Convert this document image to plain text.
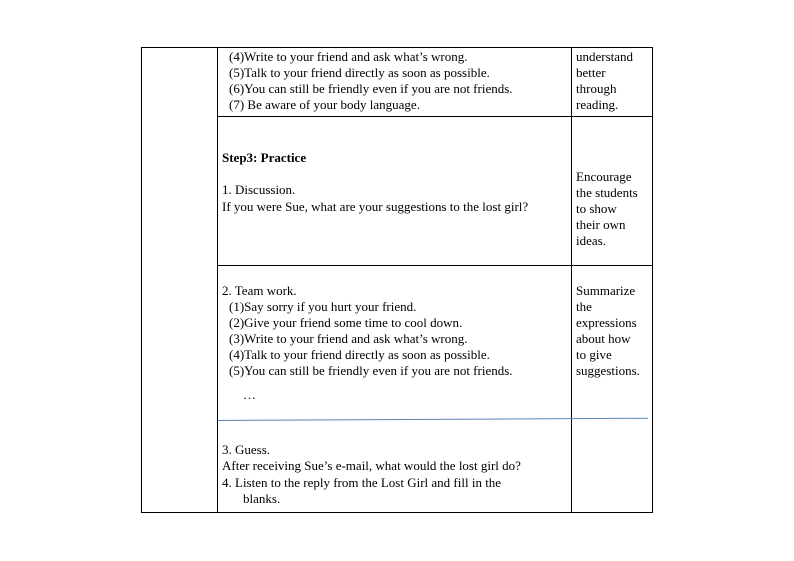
(4)Write to your friend and ask what’s wrong.
(5)Talk to your friend directly as soon as possible.
(6)You can still be friendly even if you are not friends.
(7) Be aware of your body language.
understand
better
through
reading.
Step3: Practice
1. Discussion.
If you were Sue, what are your suggestions to the lost girl?
Encourage
the students
to show
their own
ideas.
2. Team work.
(1)Say sorry if you hurt your friend.
(2)Give your friend some time to cool down.
(3)Write to your friend and ask what’s wrong.
(4)Talk to your friend directly as soon as possible.
(5)You can still be friendly even if you are not friends.
…
Summarize
the
expressions
about how
to give
suggestions.
3. Guess.
After receiving Sue’s e-mail, what would the lost girl do?
4. Listen to the reply from the Lost Girl and fill in the
blanks.
